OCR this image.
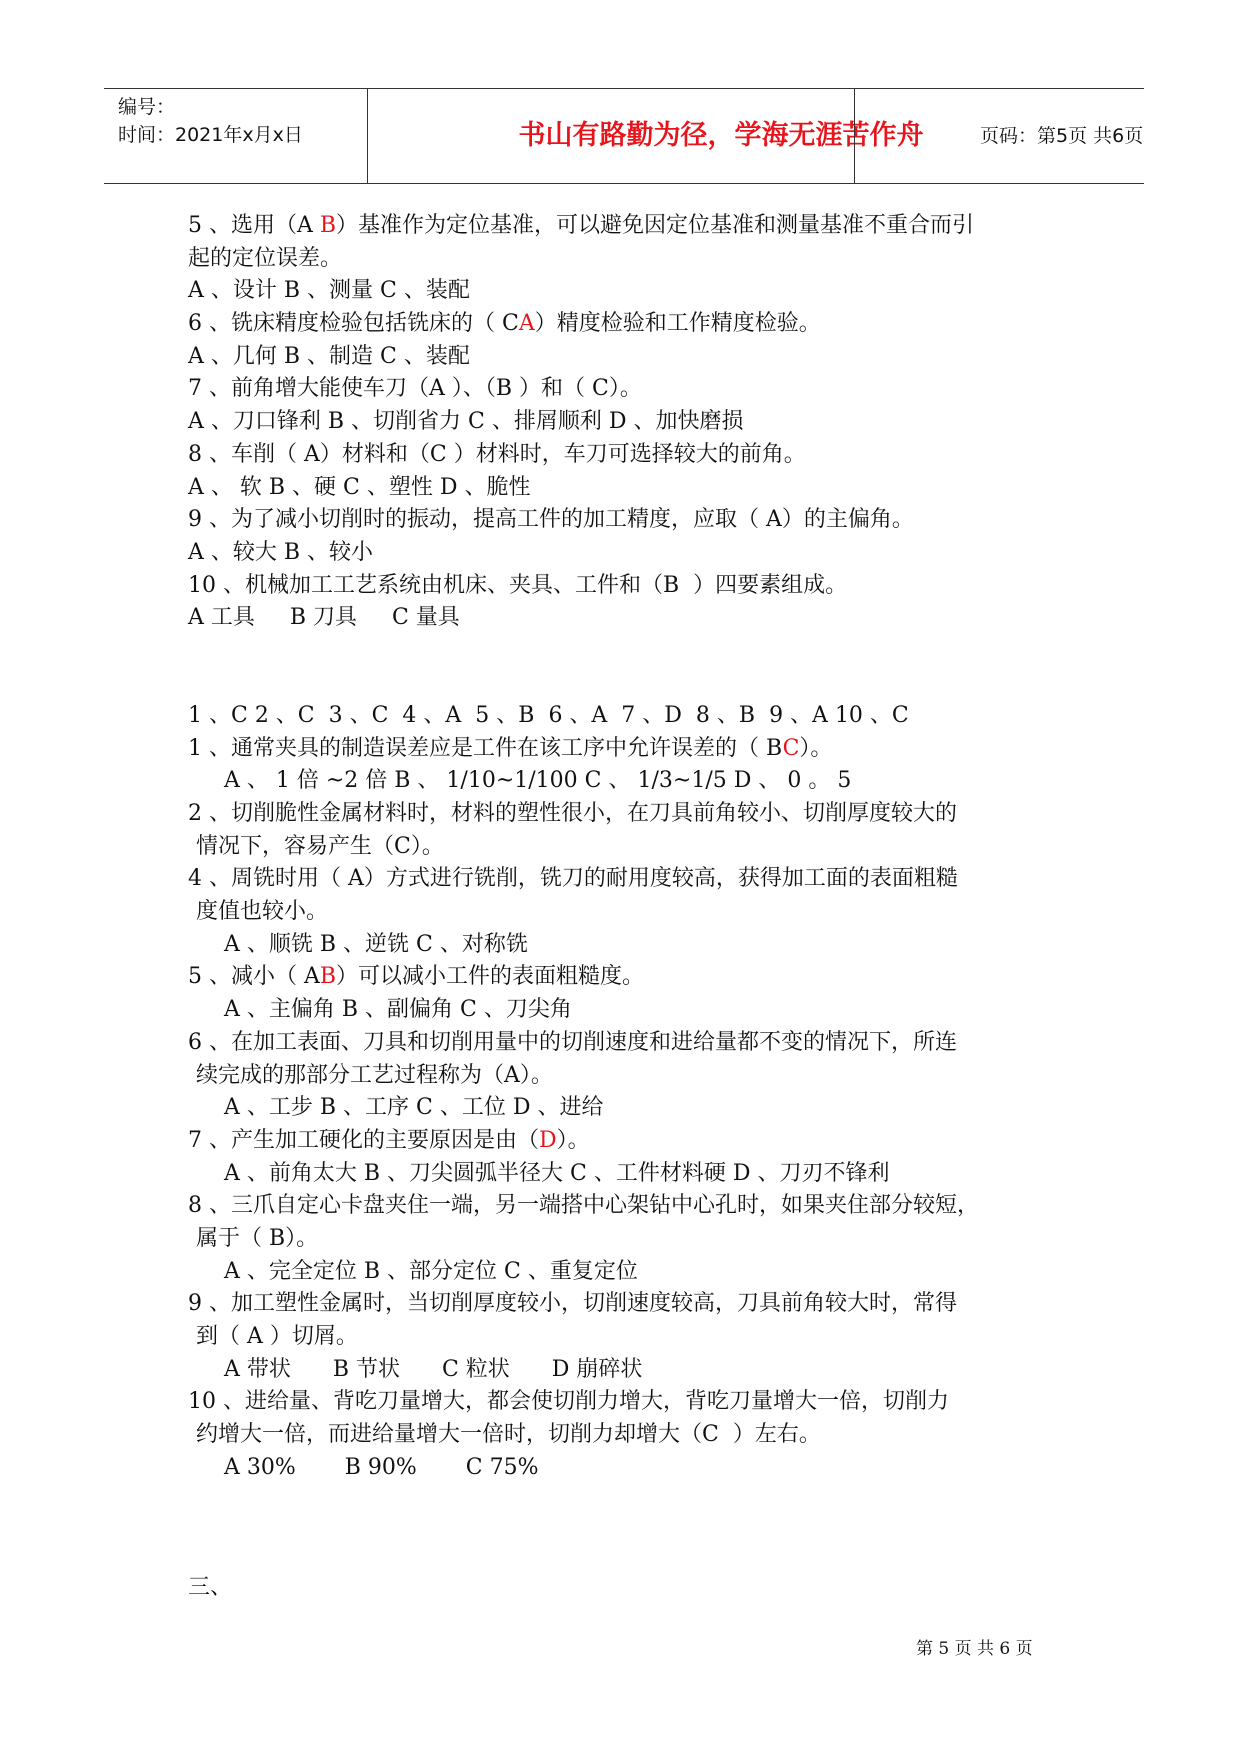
编号：
时间：2021年x月x日	书山有路勤为径，学海无涯苦作舟	页码：第5页 共6页
5 、选用（A B）基准作为定位基准，可以避免因定位基准和测量基准不重合而引
起的定位误差。
A 、设计 B 、测量 C 、装配
6 、铣床精度检验包括铣床的（ CA）精度检验和工作精度检验。
A 、几何 B 、制造 C 、装配
7 、前角增大能使车刀（A ）、（B ）和（ C）。
A 、刀口锋利 B 、切削省力 C 、排屑顺利 D 、加快磨损
8 、车削（ A）材料和（C ）材料时，车刀可选择较大的前角。
A 、 软 B 、硬 C 、塑性 D 、脆性
9 、为了减小切削时的振动，提高工件的加工精度，应取（ A）的主偏角。
A 、较大 B 、较小
10 、机械加工工艺系统由机床、夹具、工件和（B  ）四要素组成。
A 工具     B 刀具     C 量具
1 、C 2 、C  3 、C  4 、A  5 、B  6 、A  7 、D  8 、B  9 、A 10 、C
1 、通常夹具的制造误差应是工件在该工序中允许误差的（ BC）。
A 、 1 倍 ~2 倍 B 、 1/10~1/100 C 、 1/3~1/5 D 、 0 。 5
2 、切削脆性金属材料时，材料的塑性很小，在刀具前角较小、切削厚度较大的
情况下，容易产生（C）。
4 、周铣时用（ A）方式进行铣削，铣刀的耐用度较高，获得加工面的表面粗糙
度值也较小。
A 、顺铣 B 、逆铣 C 、对称铣
5 、减小（ AB）可以减小工件的表面粗糙度。
A 、主偏角 B 、副偏角 C 、刀尖角
6 、在加工表面、刀具和切削用量中的切削速度和进给量都不变的情况下，所连
续完成的那部分工艺过程称为（A）。
A 、工步 B 、工序 C 、工位 D 、进给
7 、产生加工硬化的主要原因是由（D）。
A 、前角太大 B 、刀尖圆弧半径大 C 、工件材料硬 D 、刀刃不锋利
8 、三爪自定心卡盘夹住一端，另一端搭中心架钻中心孔时，如果夹住部分较短，
属于（ B）。
A 、完全定位 B 、部分定位 C 、重复定位
9 、加工塑性金属时，当切削厚度较小，切削速度较高，刀具前角较大时，常得
到（ A ）切屑。
A 带状      B 节状      C 粒状      D 崩碎状
10 、进给量、背吃刀量增大，都会使切削力增大，背吃刀量增大一倍，切削力
约增大一倍，而进给量增大一倍时，切削力却增大（C  ）左右。
A 30%       B 90%       C 75%
三、
第 5 页 共 6 页
